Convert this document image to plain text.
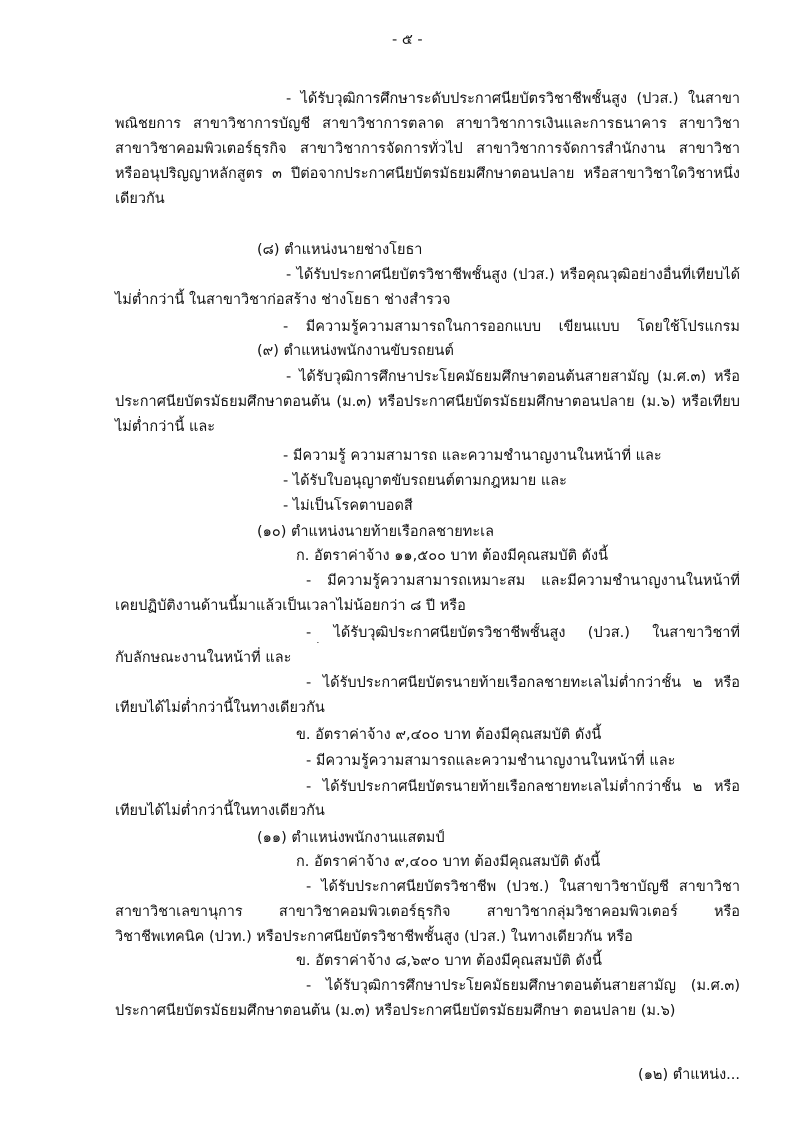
- ๕ -
- ได้รับวุฒิการศึกษาระดับประกาศนียบัตรวิชาชีพชั้นสูง (ปวส.) ในสาขา
พณิชยการ สาขาวิชาการบัญชี สาขาวิชาการตลาด สาขาวิชาการเงินและการธนาคาร สาขาวิชา
สาขาวิชาคอมพิวเตอร์ธุรกิจ สาขาวิชาการจัดการทั่วไป สาขาวิชาการจัดการสำนักงาน สาขาวิชา
หรืออนุปริญญาหลักสูตร ๓ ปีต่อจากประกาศนียบัตรมัธยมศึกษาตอนปลาย หรือสาขาวิชาใดวิชาหนึ่ง
เดียวกัน
(๘) ตำแหน่งนายช่างโยธา
- ได้รับประกาศนียบัตรวิชาชีพชั้นสูง (ปวส.) หรือคุณวุฒิอย่างอื่นที่เทียบได้
ไม่ต่ำกว่านี้ ในสาขาวิชาก่อสร้าง ช่างโยธา ช่างสำรวจ
- มีความรู้ความสามารถในการออกแบบ เขียนแบบ โดยใช้โปรแกรม
(๙) ตำแหน่งพนักงานขับรถยนต์
- ได้รับวุฒิการศึกษาประโยคมัธยมศึกษาตอนต้นสายสามัญ (ม.ศ.๓) หรือ
ประกาศนียบัตรมัธยมศึกษาตอนต้น (ม.๓) หรือประกาศนียบัตรมัธยมศึกษาตอนปลาย (ม.๖) หรือเทียบ
ไม่ต่ำกว่านี้ และ
- มีความรู้ ความสามารถ และความชำนาญงานในหน้าที่ และ
- ได้รับใบอนุญาตขับรถยนต์ตามกฎหมาย และ
- ไม่เป็นโรคตาบอดสี
(๑๐) ตำแหน่งนายท้ายเรือกลชายทะเล
ก. อัตราค่าจ้าง ๑๑,๕๐๐ บาท ต้องมีคุณสมบัติ ดังนี้
- มีความรู้ความสามารถเหมาะสม และมีความชำนาญงานในหน้าที่
เคยปฏิบัติงานด้านนี้มาแล้วเป็นเวลาไม่น้อยกว่า ๘ ปี หรือ
- ได้รับวุฒิประกาศนียบัตรวิชาชีพชั้นสูง (ปวส.) ในสาขาวิชาที่
กับลักษณะงานในหน้าที่ และ
- ได้รับประกาศนียบัตรนายท้ายเรือกลชายทะเลไม่ต่ำกว่าชั้น ๒ หรือ
เทียบได้ไม่ต่ำกว่านี้ในทางเดียวกัน
ข. อัตราค่าจ้าง ๙,๔๐๐ บาท ต้องมีคุณสมบัติ ดังนี้
- มีความรู้ความสามารถและความชำนาญงานในหน้าที่ และ
- ได้รับประกาศนียบัตรนายท้ายเรือกลชายทะเลไม่ต่ำกว่าชั้น ๒ หรือ
เทียบได้ไม่ต่ำกว่านี้ในทางเดียวกัน
(๑๑) ตำแหน่งพนักงานแสตมป์
ก. อัตราค่าจ้าง ๙,๔๐๐ บาท ต้องมีคุณสมบัติ ดังนี้
- ได้รับประกาศนียบัตรวิชาชีพ (ปวช.) ในสาขาวิชาบัญชี สาขาวิชา
สาขาวิชาเลขานุการ สาขาวิชาคอมพิวเตอร์ธุรกิจ สาขาวิชากลุ่มวิชาคอมพิวเตอร์ หรือ
วิชาชีพเทคนิค (ปวท.) หรือประกาศนียบัตรวิชาชีพชั้นสูง (ปวส.) ในทางเดียวกัน หรือ
ข. อัตราค่าจ้าง ๘,๖๙๐ บาท ต้องมีคุณสมบัติ ดังนี้
- ได้รับวุฒิการศึกษาประโยคมัธยมศึกษาตอนต้นสายสามัญ (ม.ศ.๓)
ประกาศนียบัตรมัธยมศึกษาตอนต้น (ม.๓) หรือประกาศนียบัตรมัธยมศึกษา ตอนปลาย (ม.๖)
(๑๒) ตำแหน่ง...
